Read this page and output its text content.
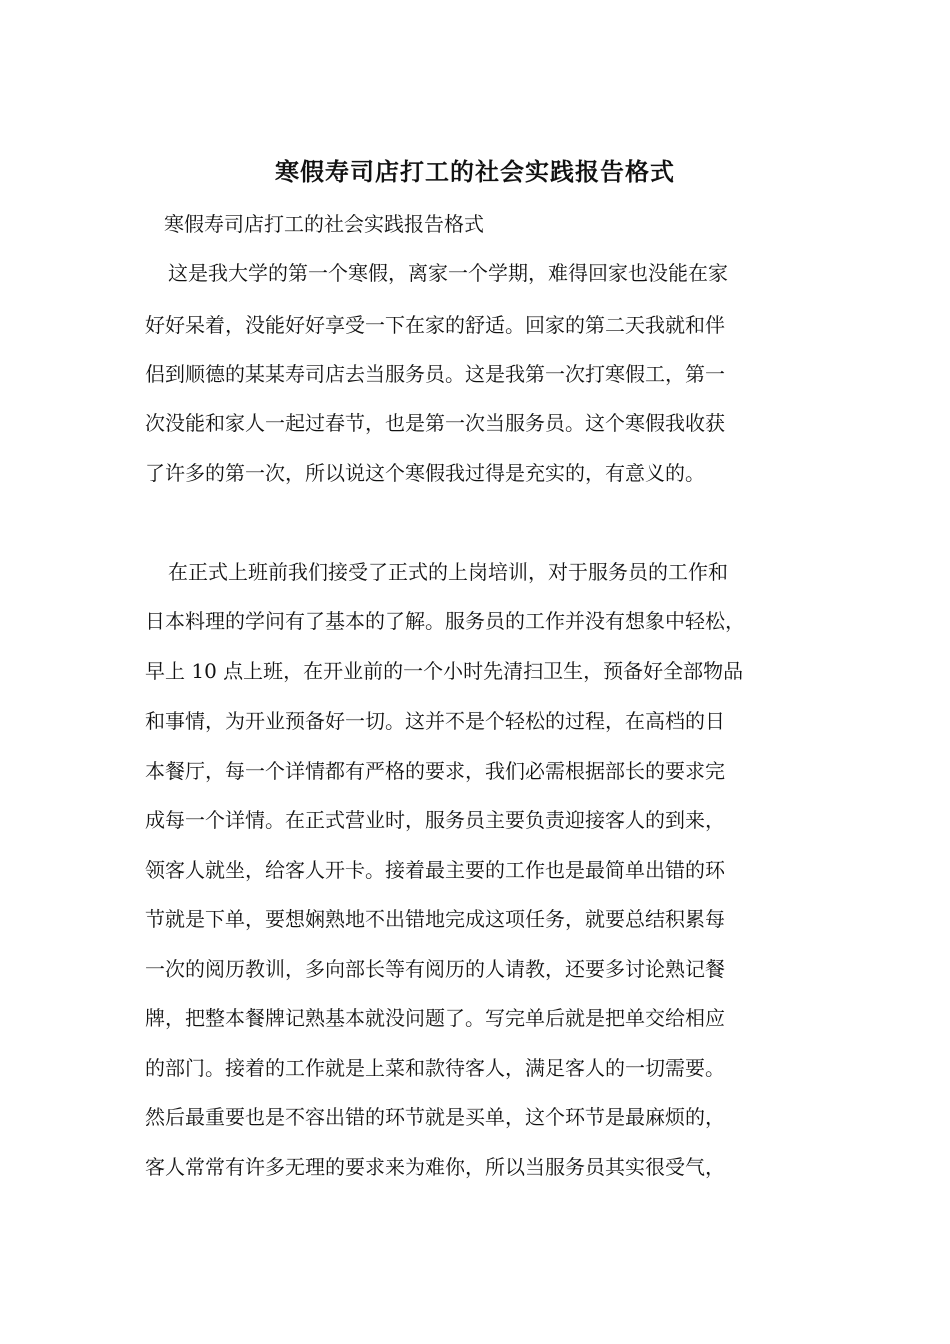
寒假寿司店打工的社会实践报告格式
寒假寿司店打工的社会实践报告格式
这是我大学的第一个寒假，离家一个学期，难得回家也没能在家
好好呆着，没能好好享受一下在家的舒适。回家的第二天我就和伴
侣到顺德的某某寿司店去当服务员。这是我第一次打寒假工，第一
次没能和家人一起过春节，也是第一次当服务员。这个寒假我收获
了许多的第一次，所以说这个寒假我过得是充实的，有意义的。
在正式上班前我们接受了正式的上岗培训，对于服务员的工作和
日本料理的学问有了基本的了解。服务员的工作并没有想象中轻松，
早上 10 点上班，在开业前的一个小时先清扫卫生，预备好全部物品
和事情，为开业预备好一切。这并不是个轻松的过程，在高档的日
本餐厅，每一个详情都有严格的要求，我们必需根据部长的要求完
成每一个详情。在正式营业时，服务员主要负责迎接客人的到来，
领客人就坐，给客人开卡。接着最主要的工作也是最简单出错的环
节就是下单，要想娴熟地不出错地完成这项任务，就要总结积累每
一次的阅历教训，多向部长等有阅历的人请教，还要多讨论熟记餐
牌，把整本餐牌记熟基本就没问题了。写完单后就是把单交给相应
的部门。接着的工作就是上菜和款待客人，满足客人的一切需要。
然后最重要也是不容出错的环节就是买单，这个环节是最麻烦的，
客人常常有许多无理的要求来为难你，所以当服务员其实很受气，
